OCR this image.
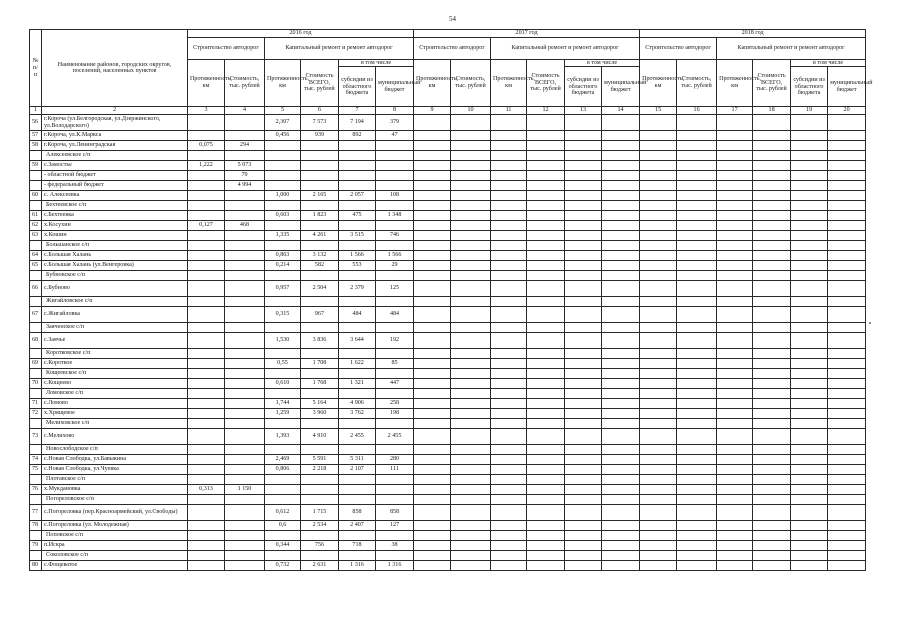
54
№ п/п	Наименование районов, городских округов, поселений, населенных пунктов	2016 год						2017 год						2018 год					
		Строительство автодорог		Капитальный ремонт и ремонт автодорог				Строительство автодорог		Капитальный ремонт и ремонт автодорог				Строительство автодорог		Капитальный ремонт и ремонт автодорог			
		Протяженность, км	Стоимость, тыс. рублей	Протяженность, км	Стоимость ВСЕГО, тыс. рублей	в том числе		Протяженность, км	Стоимость, тыс. рублей	Протяженность, км	Стоимость ВСЕГО, тыс. рублей	в том числе		Протяженность, км	Стоимость, тыс. рублей	Протяженность, км	Стоимость ВСЕГО, тыс. рублей	в том числе	
						субсидии из областного бюджета	муниципальный бюджет					субсидии из областного бюджета	муниципальный бюджет					субсидии из областного бюджета	муниципальный бюджет
1	2	3	4	5	6	7	8	9	10	11	12	13	14	15	16	17	18	19	20
56	г.Короча (ул.Белгородская, ул.Дзержинского, ул.Володарского)			2,307	7 573	7 194	379												
57	г.Короча, ул.К.Маркса			0,456	939	892	47												
58	г.Короча, ул.Ленинградская	0,075	294																
	Алексеевское с/п																		
59	с.Замостье	1,222	5 073																
	- областной бюджет		79																
	- федеральный бюджет		4 994																
60	с. Алексеевка			1,000	2 165	2 057	108												
	Бехтеевское с/п																		
61	с.Бехтеевка			0,603	1 823	475	1 348												
62	х.Косухин	0,127	468																
63	х.Кошин			1,335	4 261	3 515	746												
	Большанское с/п																		
64	с.Большая Халань			0,863	3 132	1 566	1 566												
65	с.Большая Халань (ул.Венгеровка)			0,214	582	553	29												
	Бубновское с/п																		
66	с.Бубново			0,957	2 504	2 379	125												
	Жигайловское с/п																		
67	с.Жигайловка			0,315	967	484	484												
	Заяченское с/п																		
68	с.Заячье			1,530	3 836	3 644	192												
	Коротковское с/п																		
69	с.Короткое			0,55	1 708	1 622	85												
	Кощеевское с/п																		
70	с.Кощеево			0,610	1 768	1 321	447												
	Ломовское с/п																		
71	с.Ломово			1,744	5 164	4 906	258												
72	х.Хрящевое			1,259	3 960	3 762	198												
	Мелиховское с/п																		
73	с.Мелихово			1,393	4 910	2 455	2 455												
	Новослободское с/п																		
74	с.Новая Слободка, ул.Бавыкина			2,469	5 591	5 311	280												
75	с.Новая Слободка, ул.Чуевка			0,806	2 218	2 107	111												
	Плотавское с/п																		
76	х.Мукдановка	0,313	1 150																
	Погореловское с/п																		
77	с.Погореловка (пер.Красноармейский, ул.Свободы)			0,612	1 715	858	858												
78	с.Погореловка (ул. Молодежная)			0,6	2 534	2 407	127												
	Поповское с/п																		
79	п.Искра			0,344	756	718	38												
	Соколовское с/п																		
80	с.Фощеватое			0,732	2 631	1 316	1 316												
